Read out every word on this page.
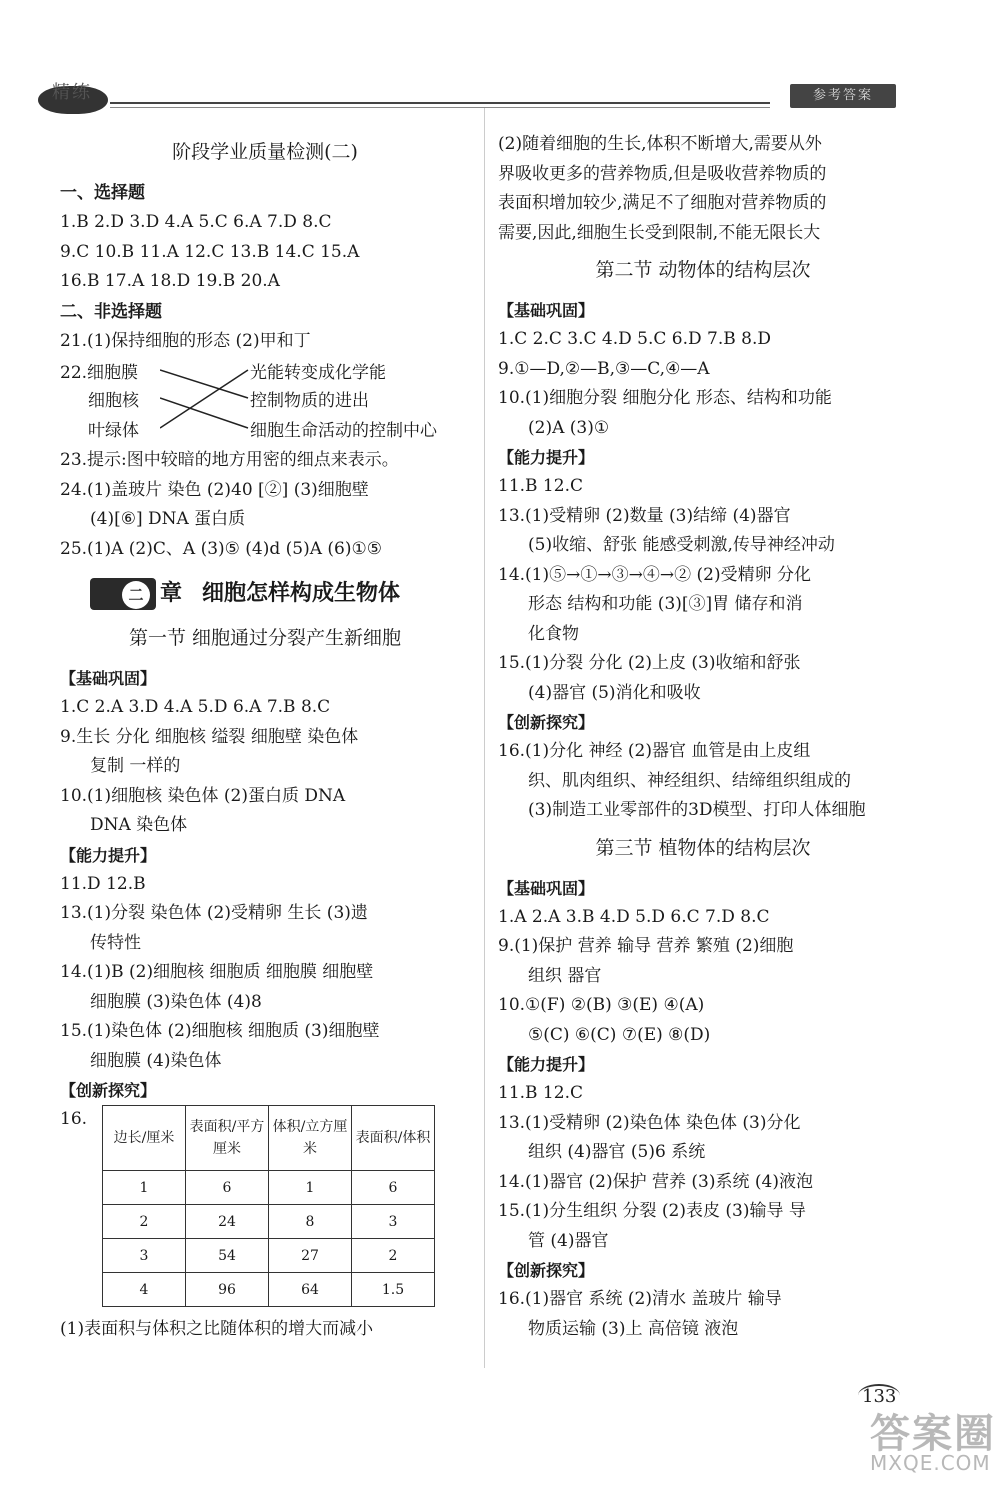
精练	参考答案
阶段学业质量检测(二)
一、选择题
1.B 2.D 3.D 4.A 5.C 6.A 7.D 8.C
9.C 10.B 11.A 12.C 13.B 14.C 15.A
16.B 17.A 18.D 19.B 20.A
二、非选择题
21.(1)保持细胞的形态 (2)甲和丁
22.细胞膜
细胞核
叶绿体
光能转变成化学能
控制物质的进出
细胞生命活动的控制中心
23.提示:图中较暗的地方用密的细点来表示。
24.(1)盖玻片 染色 (2)40 [②] (3)细胞壁
(4)[⑥] DNA 蛋白质
25.(1)A (2)C、A (3)⑤ (4)d (5)A (6)①⑤
二 章 细胞怎样构成生物体
第一节 细胞通过分裂产生新细胞
【基础巩固】
1.C 2.A 3.D 4.A 5.D 6.A 7.B 8.C
9.生长 分化 细胞核 缢裂 细胞壁 染色体
复制 一样的
10.(1)细胞核 染色体 (2)蛋白质 DNA
DNA 染色体
【能力提升】
11.D 12.B
13.(1)分裂 染色体 (2)受精卵 生长 (3)遗
传特性
14.(1)B (2)细胞核 细胞质 细胞膜 细胞壁
细胞膜 (3)染色体 (4)8
15.(1)染色体 (2)细胞核 细胞质 (3)细胞壁
细胞膜 (4)染色体
【创新探究】
16.
边长/厘米	表面积/平方厘米	体积/立方厘米	表面积/体积
1	6	1	6
2	24	8	3
3	54	27	2
4	96	64	1.5
(1)表面积与体积之比随体积的增大而减小
(2)随着细胞的生长,体积不断增大,需要从外
界吸收更多的营养物质,但是吸收营养物质的
表面积增加较少,满足不了细胞对营养物质的
需要,因此,细胞生长受到限制,不能无限长大
第二节 动物体的结构层次
【基础巩固】
1.C 2.C 3.C 4.D 5.C 6.D 7.B 8.D
9.①—D,②—B,③—C,④—A
10.(1)细胞分裂 细胞分化 形态、结构和功能
(2)A (3)①
【能力提升】
11.B 12.C
13.(1)受精卵 (2)数量 (3)结缔 (4)器官
(5)收缩、舒张 能感受刺激,传导神经冲动
14.(1)⑤→①→③→④→② (2)受精卵 分化
形态 结构和功能 (3)[③]胃 储存和消
化食物
15.(1)分裂 分化 (2)上皮 (3)收缩和舒张
(4)器官 (5)消化和吸收
【创新探究】
16.(1)分化 神经 (2)器官 血管是由上皮组
织、肌肉组织、神经组织、结缔组织组成的
(3)制造工业零部件的3D模型、打印人体细胞
第三节 植物体的结构层次
【基础巩固】
1.A 2.A 3.B 4.D 5.D 6.C 7.D 8.C
9.(1)保护 营养 输导 营养 繁殖 (2)细胞
组织 器官
10.①(F) ②(B) ③(E) ④(A)
⑤(C) ⑥(C) ⑦(E) ⑧(D)
【能力提升】
11.B 12.C
13.(1)受精卵 (2)染色体 染色体 (3)分化
组织 (4)器官 (5)6 系统
14.(1)器官 (2)保护 营养 (3)系统 (4)液泡
15.(1)分生组织 分裂 (2)表皮 (3)输导 导
管 (4)器官
【创新探究】
16.(1)器官 系统 (2)清水 盖玻片 输导
物质运输 (3)上 高倍镜 液泡
133
答案圈
MXQE.COM
